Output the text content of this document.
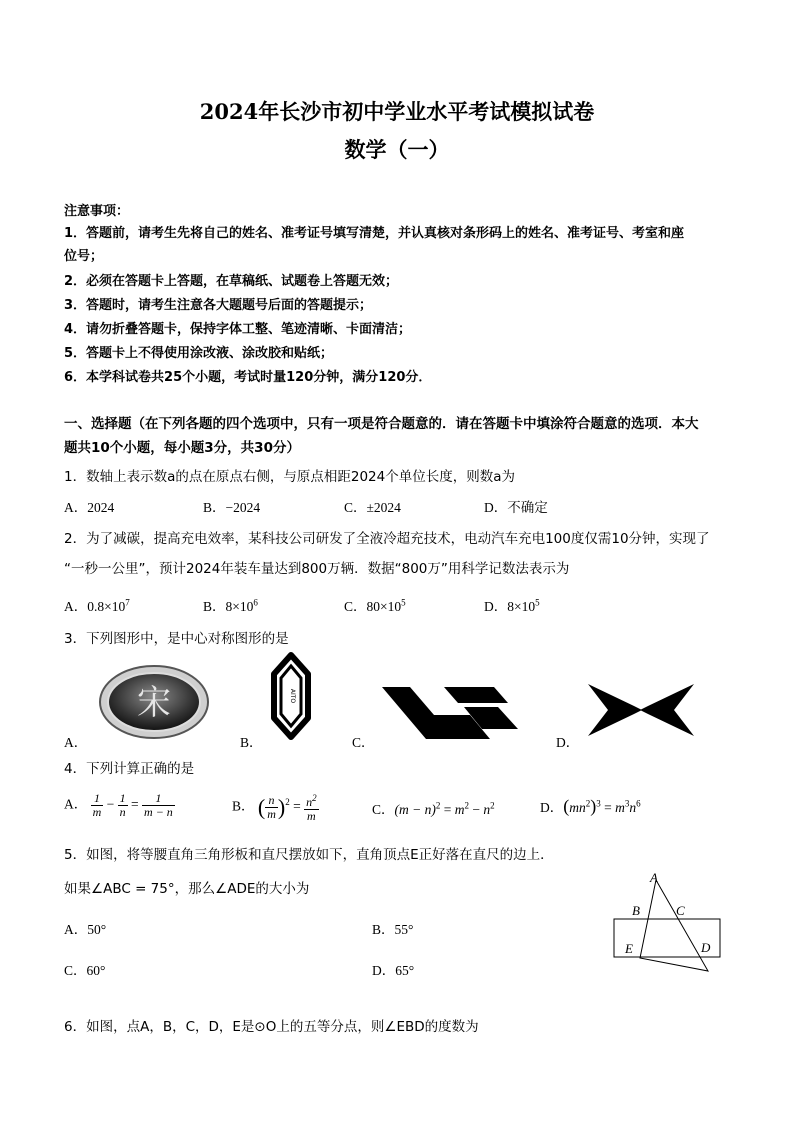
2024年长沙市初中学业水平考试模拟试卷
数学（一）
注意事项：
1．答题前，请考生先将自己的姓名、准考证号填写清楚，并认真核对条形码上的姓名、准考证号、考室和座
位号；
2．必须在答题卡上答题，在草稿纸、试题卷上答题无效；
3．答题时，请考生注意各大题题号后面的答题提示；
4．请勿折叠答题卡，保持字体工整、笔迹清晰、卡面清洁；
5．答题卡上不得使用涂改液、涂改胶和贴纸；
6．本学科试卷共25个小题，考试时量120分钟，满分120分．
一、选择题（在下列各题的四个选项中，只有一项是符合题意的．请在答题卡中填涂符合题意的选项．本大
题共10个小题，每小题3分，共30分）
1．数轴上表示数a的点在原点右侧，与原点相距2024个单位长度，则数a为
A．2024	B．−2024	C．±2024	D．不确定
2．为了减碳，提高充电效率，某科技公司研发了全液冷超充技术，电动汽车充电100度仅需10分钟，实现了
“一秒一公里”，预计2024年装车量达到800万辆．数据“800万”用科学记数法表示为
A．$0.8\times 10^7$	B．$8\times 10^6$	C．$80\times 10^5$	D．$8\times 10^5$
3．下列图形中，是中心对称图形的是
宋
A．
AITO
B．	C．	D．
4．下列计算正确的是
A． $\frac{1}{m} - \frac{1}{n} = \frac{1}{m - n}$	B． ( $\frac{n}{m} )^2 = \frac{n^2}{m}$	C．$(m - n)^2 = m^2 - n^2$	D．$(mn^2)^3 = m^3n^6$
5．如图，将等腰直角三角形板和直尺摆放如下，直角顶点E正好落在直尺的边上．
如果∠ABC = 75°，那么∠ADE的大小为
A．50°	B．55°
C．60°	D．65°
A
B	C
E	D
6．如图，点A，B，C，D，E是⊙O上的五等分点，则∠EBD的度数为
